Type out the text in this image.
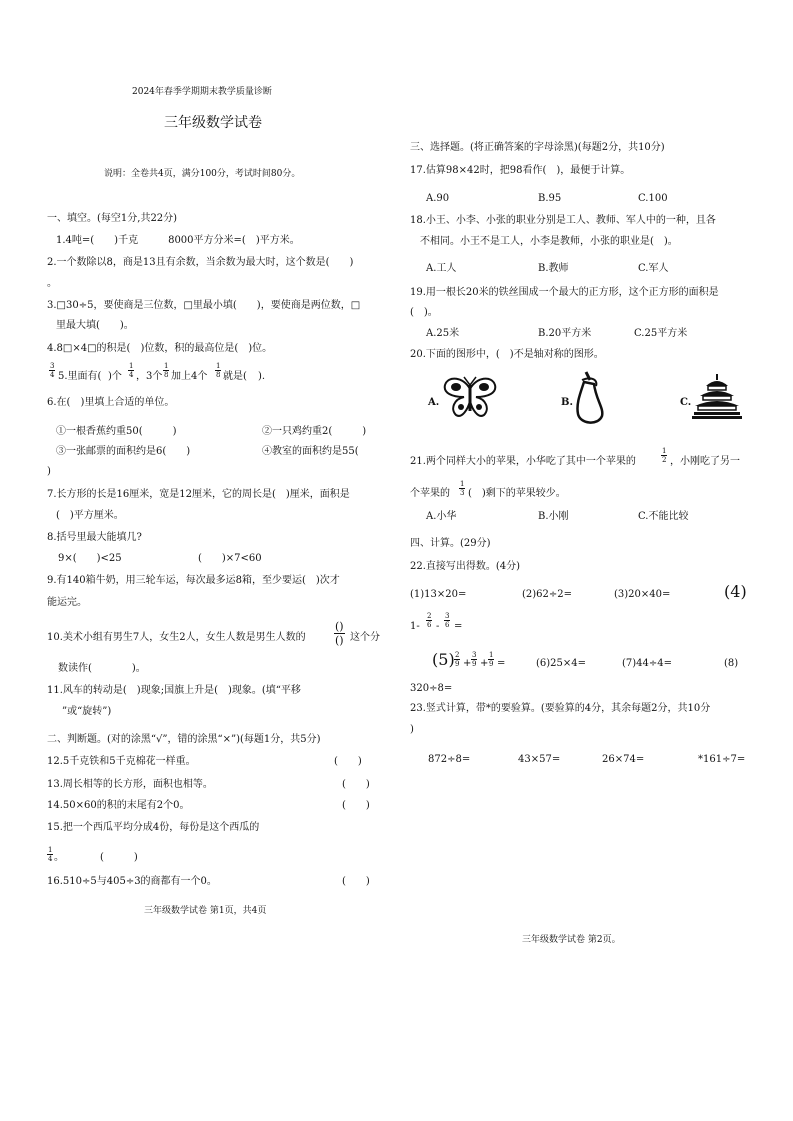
2024年春季学期期末教学质量诊断
三年级数学试卷
说明：全卷共4页，满分100分，考试时间80分。
一、填空。(每空1分,共22分)
1.4吨=(　　)千克　　　8000平方分米=(　)平方米。
2.一个数除以8，商是13且有余数，当余数为最大时，这个数是(　　)
。
3.□30÷5，要使商是三位数，□里最小填(　　)，要使商是两位数，□
里最大填(　　)。
4.8□×4□的积是(　)位数，积的最高位是(　)位。
$\frac{3}{4} 5$.里面有( )个 $\frac{1}{4}$ ，3个 $\frac{1}{8}$ 加上4个 $\frac{1}{8}$ 就是( ).
6.在(　)里填上合适的单位。
①一根香蕉约重50(　　　)	②一只鸡约重2(　　　)
③一张邮票的面积约是6(　　)	④教室的面积约是55(
)
7.长方形的长是16厘米，宽是12厘米，它的周长是(　)厘米，面积是
(　)平方厘米。
8.括号里最大能填几?
9×(　　)<25	(　　)×7<60
9.有140箱牛奶，用三轮车运，每次最多运8箱，至少要运(　)次才
能运完。
10.美术小组有男生7人，女生2人，女生人数是男生人数的
()
() 这个分
数读作(　　　　)。
11.风车的转动是(　)现象;国旗上升是(　)现象。(填“平移
”或“旋转”)
二、判断题。(对的涂黑“√”，错的涂黑“×”)(每题1分，共5分)
12.5千克铁和5千克棉花一样重。	(　　)
13.周长相等的长方形，面积也相等。	(　　)
14.50×60的积的末尾有2个0。	(　　)
15.把一个西瓜平均分成4份，每份是这个西瓜的
$\frac{1}{4}$ 。	(　　　)
16.510÷5与405÷3的商都有一个0。	(　　)
三年级数学试卷 第1页，共4页
三、选择题。(将正确答案的字母涂黑)(每题2分，共10分)
17.估算98×42时，把98看作(　)，最便于计算。
A.90	B.95	C.100
18.小王、小李、小张的职业分别是工人、教师、军人中的一种，且各
不相同。小王不是工人，小李是教师，小张的职业是(　)。
A.工人	B.教师	C.军人
19.用一根长20米的铁丝围成一个最大的正方形，这个正方形的面积是
(　)。
A.25米	B.20平方米	C.25平方米
20.下面的图形中，(　)不是轴对称的图形。
A.	B.	C.
21.两个同样大小的苹果，小华吃了其中一个苹果的	$\frac{1}{2}$ ，小刚吃了另一
个苹果的 $\frac{1}{3}$ (　)剩下的苹果较少。
A.小华	B.小刚	C.不能比较
四、计算。(29分)
22.直接写出得数。(4分)
(1)13×20=	(2)62÷2=	(3)20×40=	(4)
$1- \frac{2}{6} - \frac{3}{6}$ =
$(5) \frac{2}{9} + \frac{3}{9} + \frac{1}{9}$ =	(6)25×4=	(7)44÷4=	(8)
320÷8=
23.竖式计算，带*的要验算。(要验算的4分，其余每题2分，共10分
)
872÷8=	43×57=	26×74=	*161÷7=
三年级数学试卷 第2页。
